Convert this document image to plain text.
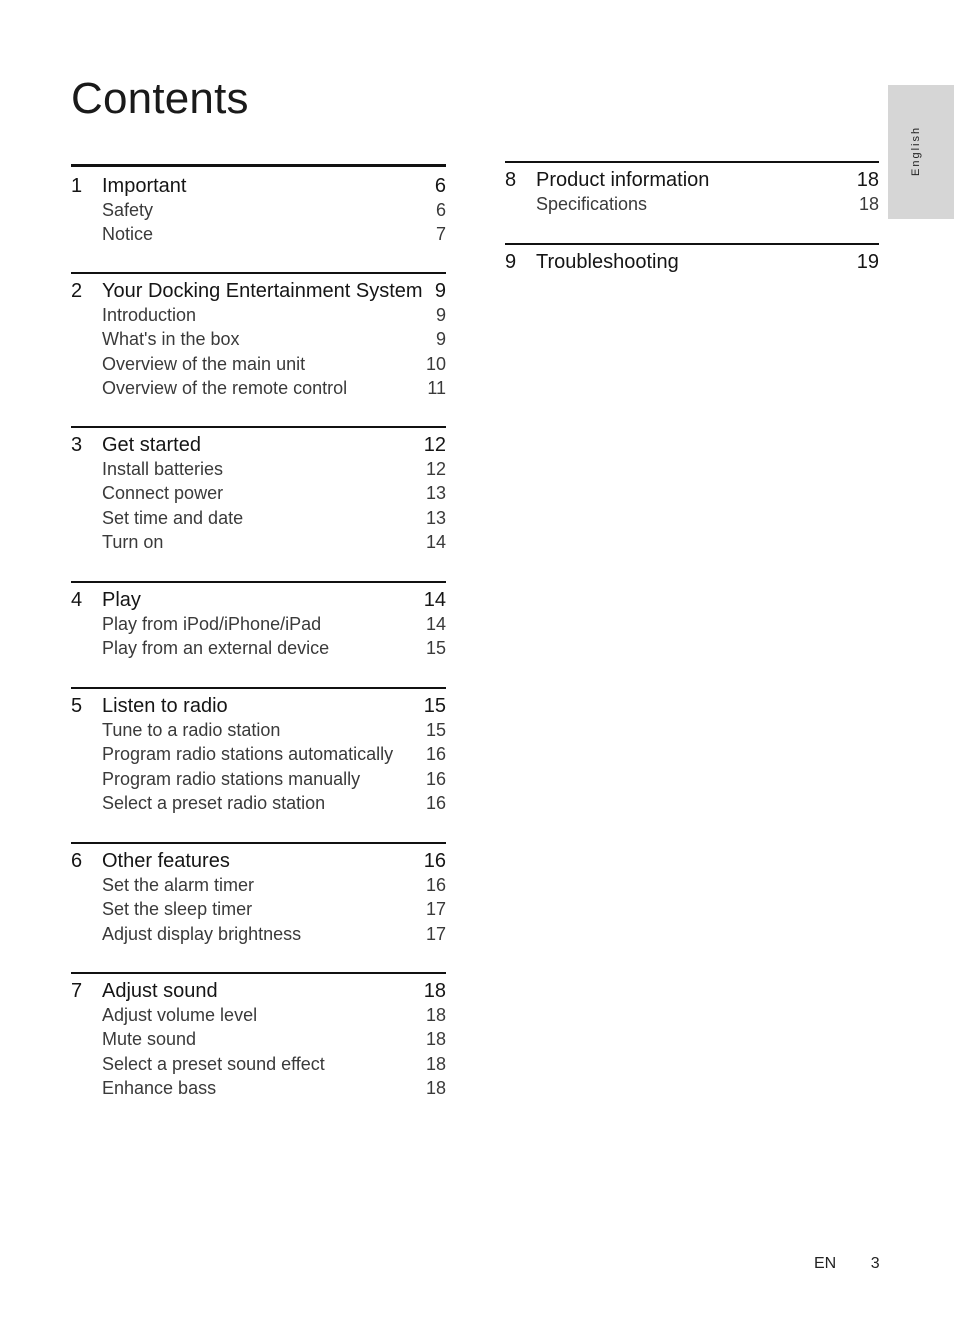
Contents
English
1 Important	6
Safety	6
Notice	7
2 Your Docking Entertainment System 9
Introduction	9
What's in the box	9
Overview of the main unit	10
Overview of the remote control	11
3 Get started	12
Install batteries	12
Connect power	13
Set time and date	13
Turn on	14
4 Play	14
Play from iPod/iPhone/iPad	14
Play from an external device	15
5 Listen to radio	15
Tune to a radio station	15
Program radio stations automatically	16
Program radio stations manually	16
Select a preset radio station	16
6 Other features	16
Set the alarm timer	16
Set the sleep timer	17
Adjust display brightness	17
7 Adjust sound	18
Adjust volume level	18
Mute sound	18
Select a preset sound effect	18
Enhance bass	18
8 Product information	18
Specifications	18
9 Troubleshooting	19
EN 3
